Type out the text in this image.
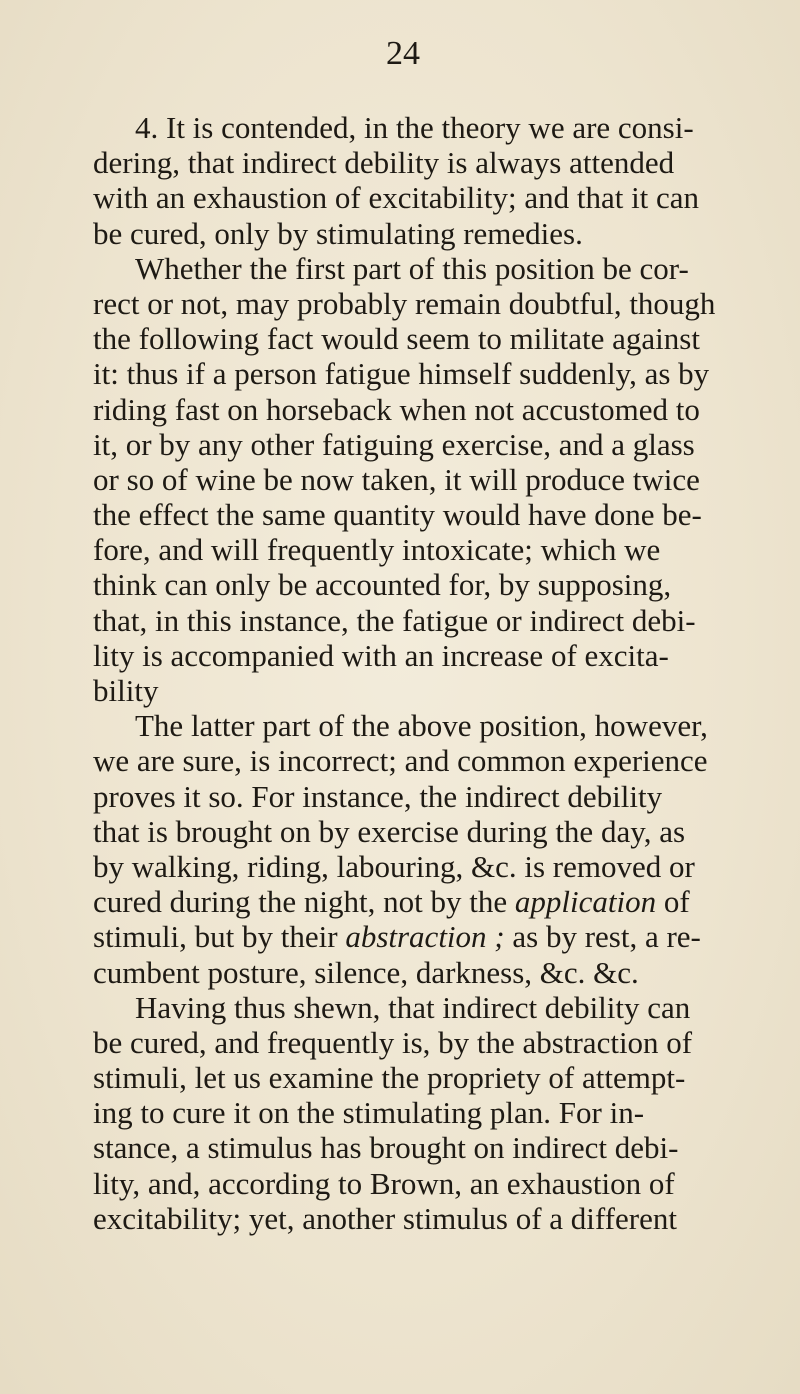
24

4. It is contended, in the theory we are consi-
dering, that indirect debility is always attended
with an exhaustion of excitability; and that it can
be cured, only by stimulating remedies.
Whether the first part of this position be cor-
rect or not, may probably remain doubtful, though
the following fact would seem to militate against
it: thus if a person fatigue himself suddenly, as by
riding fast on horseback when not accustomed to
it, or by any other fatiguing exercise, and a glass
or so of wine be now taken, it will produce twice
the effect the same quantity would have done be-
fore, and will frequently intoxicate; which we
think can only be accounted for, by supposing,
that, in this instance, the fatigue or indirect debi-
lity is accompanied with an increase of excita-
bility
The latter part of the above position, however,
we are sure, is incorrect; and common experience
proves it so. For instance, the indirect debility
that is brought on by exercise during the day, as
by walking, riding, labouring, &c. is removed or
cured during the night, not by the application of
stimuli, but by their abstraction ; as by rest, a re-
cumbent posture, silence, darkness, &c. &c.
Having thus shewn, that indirect debility can
be cured, and frequently is, by the abstraction of
stimuli, let us examine the propriety of attempt-
ing to cure it on the stimulating plan. For in-
stance, a stimulus has brought on indirect debi-
lity, and, according to Brown, an exhaustion of
excitability; yet, another stimulus of a different
